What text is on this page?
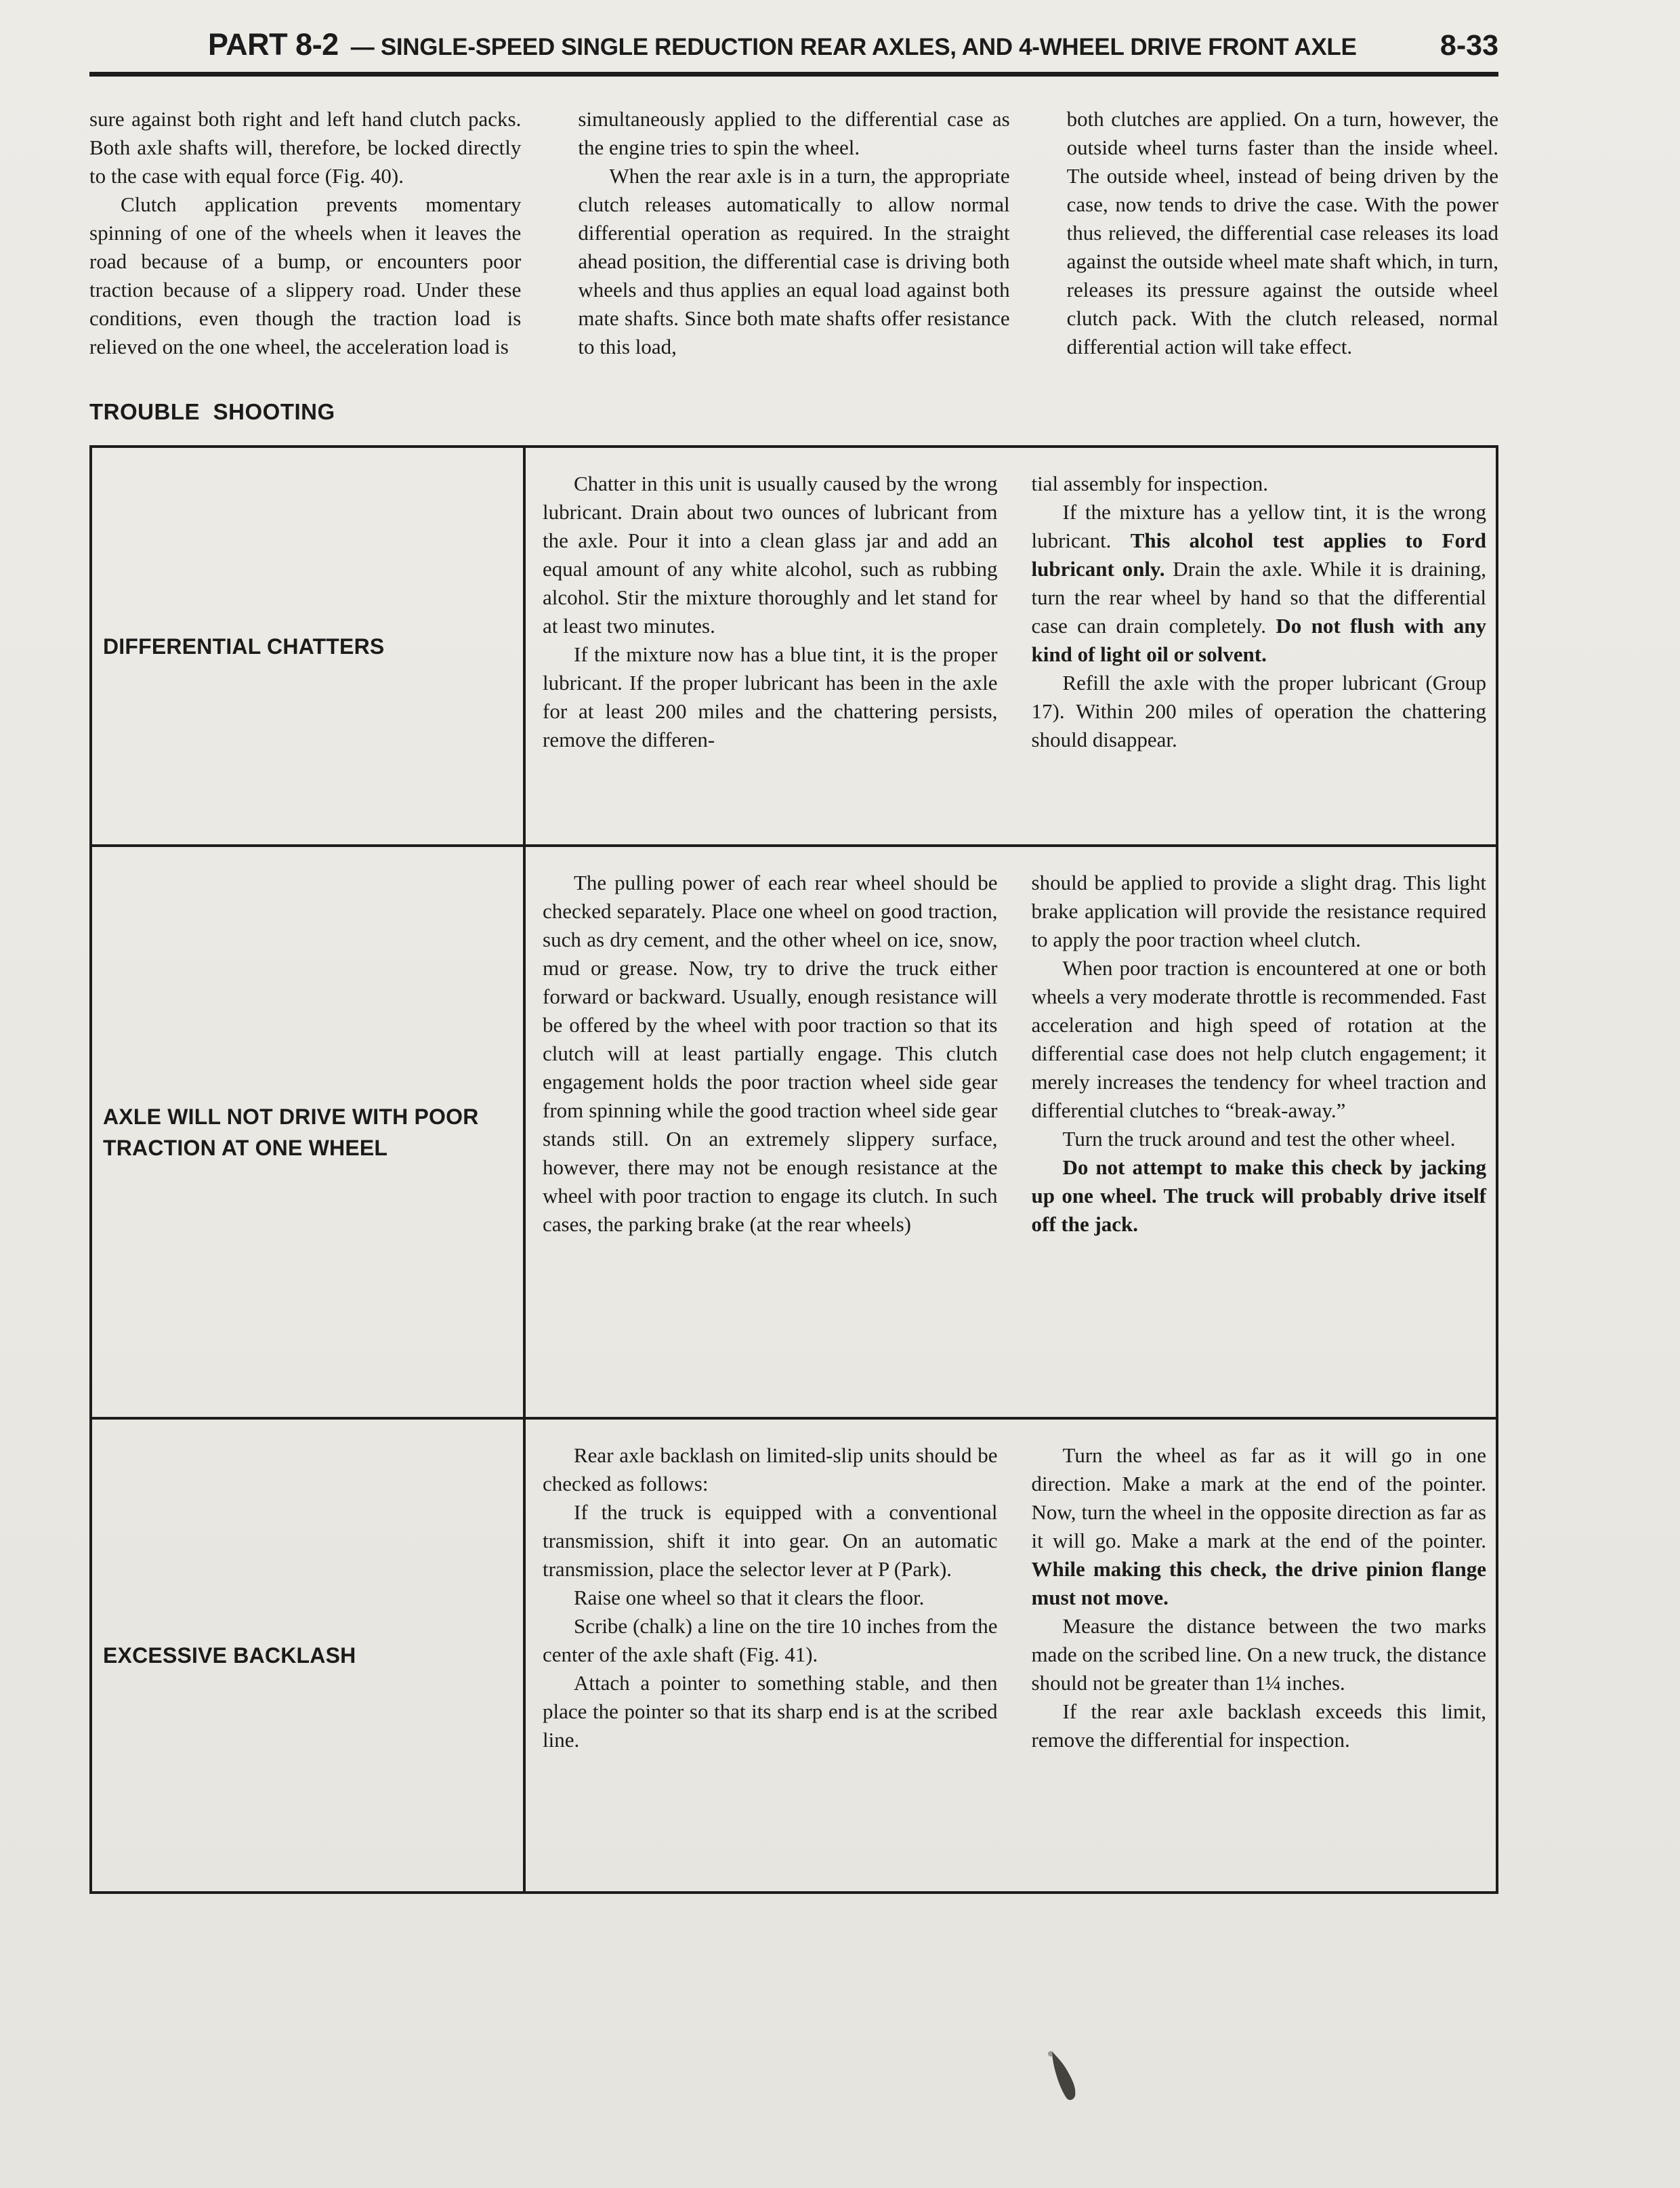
PART 8-2 — SINGLE-SPEED SINGLE REDUCTION REAR AXLES, AND 4-WHEEL DRIVE FRONT AXLE	8-33

sure against both right and left hand clutch packs. Both axle shafts will, therefore, be locked directly to the case with equal force (Fig. 40).

Clutch application prevents momentary spinning of one of the wheels when it leaves the road because of a bump, or encounters poor traction because of a slippery road. Under these conditions, even though the traction load is relieved on the one wheel, the acceleration load is

simultaneously applied to the differential case as the engine tries to spin the wheel.

When the rear axle is in a turn, the appropriate clutch releases automatically to allow normal differential operation as required. In the straight ahead position, the differential case is driving both wheels and thus applies an equal load against both mate shafts. Since both mate shafts offer resistance to this load,

both clutches are applied. On a turn, however, the outside wheel turns faster than the inside wheel. The outside wheel, instead of being driven by the case, now tends to drive the case. With the power thus relieved, the differential case releases its load against the outside wheel mate shaft which, in turn, releases its pressure against the outside wheel clutch pack. With the clutch released, normal differential action will take effect.

TROUBLE SHOOTING
DIFFERENTIAL CHATTERS

Chatter in this unit is usually caused by the wrong lubricant. Drain about two ounces of lubricant from the axle. Pour it into a clean glass jar and add an equal amount of any white alcohol, such as rubbing alcohol. Stir the mixture thoroughly and let stand for at least two minutes.

If the mixture now has a blue tint, it is the proper lubricant. If the proper lubricant has been in the axle for at least 200 miles and the chattering persists, remove the differen-

tial assembly for inspection.

If the mixture has a yellow tint, it is the wrong lubricant. This alcohol test applies to Ford lubricant only. Drain the axle. While it is draining, turn the rear wheel by hand so that the differential case can drain completely. Do not flush with any kind of light oil or solvent.

Refill the axle with the proper lubricant (Group 17). Within 200 miles of operation the chattering should disappear.

AXLE WILL NOT DRIVE WITH POOR TRACTION AT ONE WHEEL

The pulling power of each rear wheel should be checked separately. Place one wheel on good traction, such as dry cement, and the other wheel on ice, snow, mud or grease. Now, try to drive the truck either forward or backward. Usually, enough resistance will be offered by the wheel with poor traction so that its clutch will at least partially engage. This clutch engagement holds the poor traction wheel side gear from spinning while the good traction wheel side gear stands still. On an extremely slippery surface, however, there may not be enough resistance at the wheel with poor traction to engage its clutch. In such cases, the parking brake (at the rear wheels)

should be applied to provide a slight drag. This light brake application will provide the resistance required to apply the poor traction wheel clutch.

When poor traction is encountered at one or both wheels a very moderate throttle is recommended. Fast acceleration and high speed of rotation at the differential case does not help clutch engagement; it merely increases the tendency for wheel traction and differential clutches to “break-away.”

Turn the truck around and test the other wheel.

Do not attempt to make this check by jacking up one wheel. The truck will probably drive itself off the jack.

EXCESSIVE BACKLASH

Rear axle backlash on limited-slip units should be checked as follows:

If the truck is equipped with a conventional transmission, shift it into gear. On an automatic transmission, place the selector lever at P (Park).

Raise one wheel so that it clears the floor.

Scribe (chalk) a line on the tire 10 inches from the center of the axle shaft (Fig. 41).

Attach a pointer to something stable, and then place the pointer so that its sharp end is at the scribed line.

Turn the wheel as far as it will go in one direction. Make a mark at the end of the pointer. Now, turn the wheel in the opposite direction as far as it will go. Make a mark at the end of the pointer. While making this check, the drive pinion flange must not move.

Measure the distance between the two marks made on the scribed line. On a new truck, the distance should not be greater than 1¼ inches.

If the rear axle backlash exceeds this limit, remove the differential for inspection.
